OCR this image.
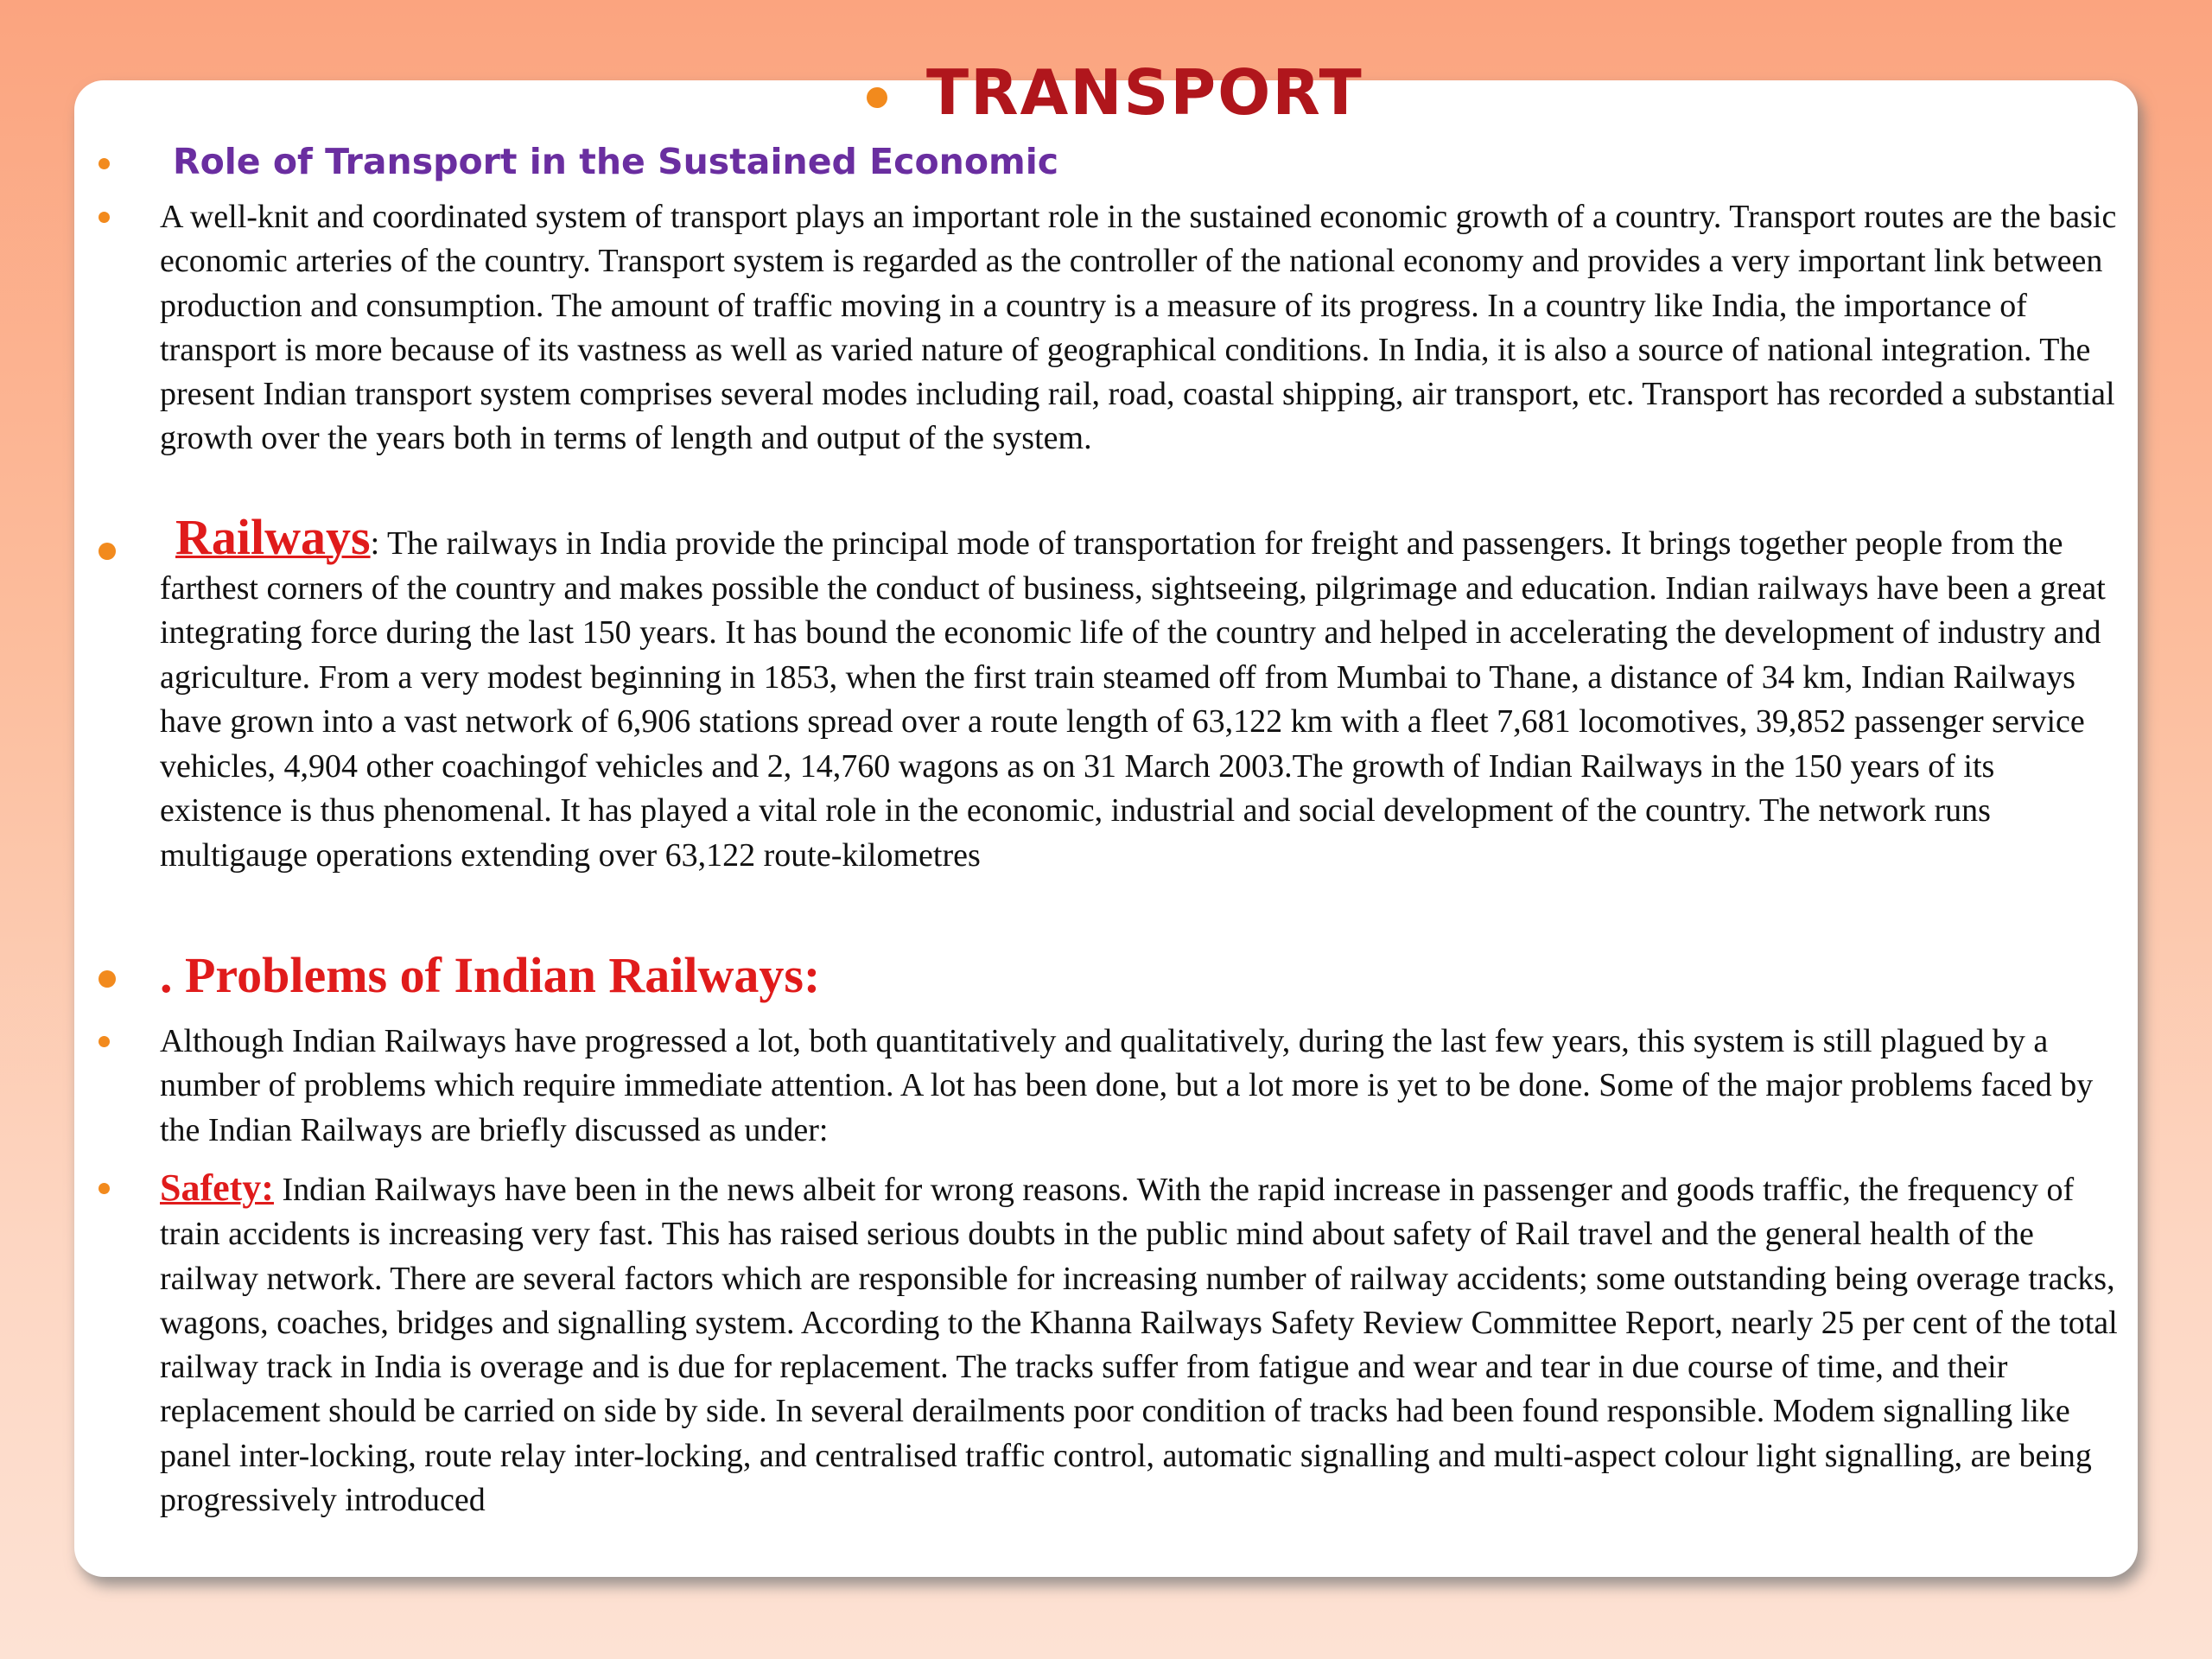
TRANSPORT
Role of Transport in the Sustained Economic
A well-knit and coordinated system of transport plays an important role in the sustained economic growth of a country. Transport routes are the basic economic arteries of the country. Transport system is regarded as the controller of the national economy and provides a very important link between production and consumption. The amount of traffic moving in a country is a measure of its progress. In a country like India, the importance of transport is more because of its vastness as well as varied nature of geographical conditions. In India, it is also a source of national integration. The present Indian transport system comprises several modes including rail, road, coastal shipping, air transport, etc. Transport has recorded a substantial growth over the years both in terms of length and output of the system.
Railways: The railways in India provide the principal mode of transportation for freight and passengers. It brings together people from the farthest corners of the country and makes possible the conduct of business, sightseeing, pilgrimage and education. Indian railways have been a great integrating force during the last 150 years. It has bound the economic life of the country and helped in accelerating the development of industry and agriculture. From a very modest beginning in 1853, when the first train steamed off from Mumbai to Thane, a distance of 34 km, Indian Railways have grown into a vast network of 6,906 stations spread over a route length of 63,122 km with a fleet 7,681 locomotives, 39,852 passenger service vehicles, 4,904 other coachingof vehicles and 2, 14,760 wagons as on 31 March 2003.The growth of Indian Railways in the 150 years of its existence is thus phenomenal. It has played a vital role in the economic, industrial and social development of the country. The network runs multigauge operations extending over 63,122 route-kilometres
. Problems of Indian Railways:
Although Indian Railways have progressed a lot, both quantitatively and qualitatively, during the last few years, this system is still plagued by a number of problems which require immediate attention. A lot has been done, but a lot more is yet to be done. Some of the major problems faced by the Indian Railways are briefly discussed as under:
Safety: Indian Railways have been in the news albeit for wrong reasons. With the rapid increase in passenger and goods traffic, the frequency of train accidents is increasing very fast. This has raised serious doubts in the public mind about safety of Rail travel and the general health of the railway network. There are several factors which are responsible for increasing number of railway accidents; some outstanding being overage tracks, wagons, coaches, bridges and signalling system. According to the Khanna Railways Safety Review Committee Report, nearly 25 per cent of the total railway track in India is overage and is due for replacement. The tracks suffer from fatigue and wear and tear in due course of time, and their replacement should be carried on side by side. In several derailments poor condition of tracks had been found responsible. Modem signalling like panel inter-locking, route relay inter-locking, and centralised traffic control, automatic signalling and multi-aspect colour light signalling, are being progressively introduced
